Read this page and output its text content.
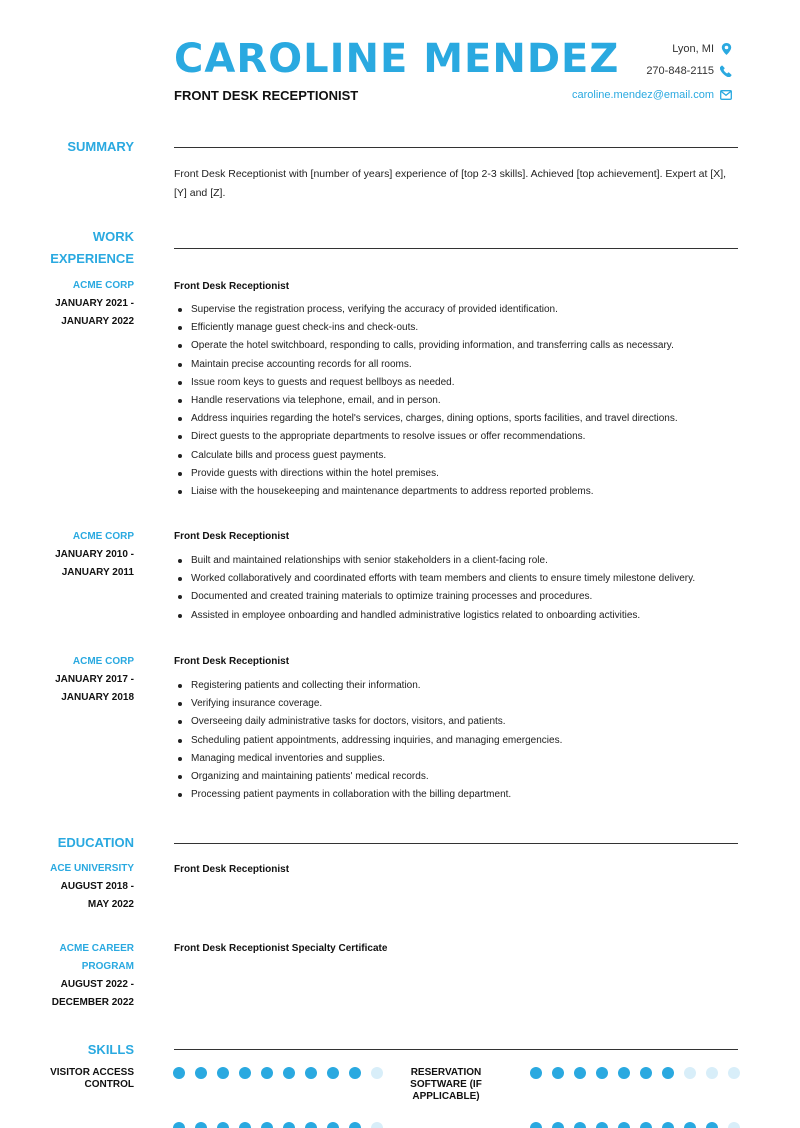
CAROLINE MENDEZ
FRONT DESK RECEPTIONIST
Lyon, MI
270-848-2115
caroline.mendez@email.com
SUMMARY
Front Desk Receptionist with [number of years] experience of [top 2-3 skills]. Achieved [top achievement]. Expert at [X], [Y] and [Z].
WORK
EXPERIENCE
ACME CORP
JANUARY 2021 -
JANUARY 2022
Front Desk Receptionist
Supervise the registration process, verifying the accuracy of provided identification.
Efficiently manage guest check-ins and check-outs.
Operate the hotel switchboard, responding to calls, providing information, and transferring calls as necessary.
Maintain precise accounting records for all rooms.
Issue room keys to guests and request bellboys as needed.
Handle reservations via telephone, email, and in person.
Address inquiries regarding the hotel's services, charges, dining options, sports facilities, and travel directions.
Direct guests to the appropriate departments to resolve issues or offer recommendations.
Calculate bills and process guest payments.
Provide guests with directions within the hotel premises.
Liaise with the housekeeping and maintenance departments to address reported problems.
ACME CORP
JANUARY 2010 -
JANUARY 2011
Front Desk Receptionist
Built and maintained relationships with senior stakeholders in a client-facing role.
Worked collaboratively and coordinated efforts with team members and clients to ensure timely milestone delivery.
Documented and created training materials to optimize training processes and procedures.
Assisted in employee onboarding and handled administrative logistics related to onboarding activities.
ACME CORP
JANUARY 2017 -
JANUARY 2018
Front Desk Receptionist
Registering patients and collecting their information.
Verifying insurance coverage.
Overseeing daily administrative tasks for doctors, visitors, and patients.
Scheduling patient appointments, addressing inquiries, and managing emergencies.
Managing medical inventories and supplies.
Organizing and maintaining patients' medical records.
Processing patient payments in collaboration with the billing department.
EDUCATION
ACE UNIVERSITY
AUGUST 2018 -
MAY 2022
Front Desk Receptionist
ACME CAREER
PROGRAM
AUGUST 2022 -
DECEMBER 2022
Front Desk Receptionist Specialty Certificate
SKILLS
VISITOR ACCESS
CONTROL
RESERVATION
SOFTWARE (IF
APPLICABLE)
